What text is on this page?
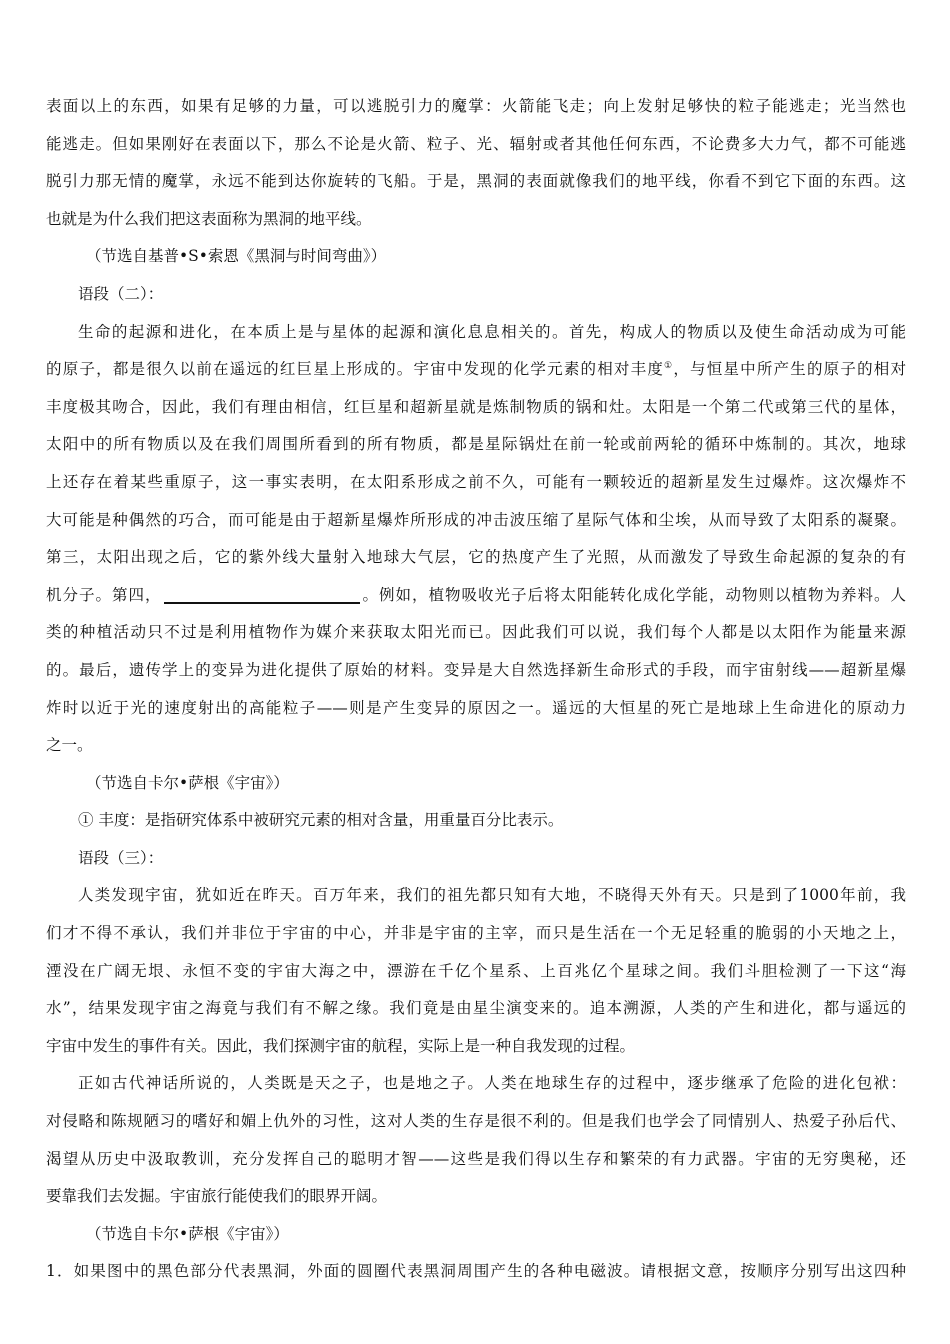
表面以上的东西，如果有足够的力量，可以逃脱引力的魔掌：火箭能飞走；向上发射足够快的粒子能逃走；光当然也
能逃走。但如果刚好在表面以下，那么不论是火箭、粒子、光、辐射或者其他任何东西，不论费多大力气，都不可能逃
脱引力那无情的魔掌，永远不能到达你旋转的飞船。于是，黑洞的表面就像我们的地平线，你看不到它下面的东西。这
也就是为什么我们把这表面称为黑洞的地平线。
（节选自基普•S•索恩《黑洞与时间弯曲》）
语段（二）：
生命的起源和进化，在本质上是与星体的起源和演化息息相关的。首先，构成人的物质以及使生命活动成为可能
的原子，都是很久以前在遥远的红巨星上形成的。宇宙中发现的化学元素的相对丰度①，与恒星中所产生的原子的相对
丰度极其吻合，因此，我们有理由相信，红巨星和超新星就是炼制物质的锅和灶。太阳是一个第二代或第三代的星体，
太阳中的所有物质以及在我们周围所看到的所有物质，都是星际锅灶在前一轮或前两轮的循环中炼制的。其次，地球
上还存在着某些重原子，这一事实表明，在太阳系形成之前不久，可能有一颗较近的超新星发生过爆炸。这次爆炸不
大可能是种偶然的巧合，而可能是由于超新星爆炸所形成的冲击波压缩了星际气体和尘埃，从而导致了太阳系的凝聚。
第三，太阳出现之后，它的紫外线大量射入地球大气层，它的热度产生了光照，从而激发了导致生命起源的复杂的有
机分子。第四，	。例如，植物吸收光子后将太阳能转化成化学能，动物则以植物为养料。人
类的种植活动只不过是利用植物作为媒介来获取太阳光而已。因此我们可以说，我们每个人都是以太阳作为能量来源
的。最后，遗传学上的变异为进化提供了原始的材料。变异是大自然选择新生命形式的手段，而宇宙射线——超新星爆
炸时以近于光的速度射出的高能粒子——则是产生变异的原因之一。遥远的大恒星的死亡是地球上生命进化的原动力
之一。
（节选自卡尔•萨根《宇宙》）
① 丰度：是指研究体系中被研究元素的相对含量，用重量百分比表示。
语段（三）：
人类发现宇宙，犹如近在昨天。百万年来，我们的祖先都只知有大地，不晓得天外有天。只是到了1000年前，我
们才不得不承认，我们并非位于宇宙的中心，并非是宇宙的主宰，而只是生活在一个无足轻重的脆弱的小天地之上，
湮没在广阔无垠、永恒不变的宇宙大海之中，漂游在千亿个星系、上百兆亿个星球之间。我们斗胆检测了一下这“海
水”，结果发现宇宙之海竟与我们有不解之缘。我们竟是由星尘演变来的。追本溯源，人类的产生和进化，都与遥远的
宇宙中发生的事件有关。因此，我们探测宇宙的航程，实际上是一种自我发现的过程。
正如古代神话所说的，人类既是天之子，也是地之子。人类在地球生存的过程中，逐步继承了危险的进化包袱：
对侵略和陈规陋习的嗜好和媚上仇外的习性，这对人类的生存是很不利的。但是我们也学会了同情别人、热爱子孙后代、
渴望从历史中汲取教训，充分发挥自己的聪明才智——这些是我们得以生存和繁荣的有力武器。宇宙的无穷奥秘，还
要靠我们去发掘。宇宙旅行能使我们的眼界开阔。
（节选自卡尔•萨根《宇宙》）
1．如果图中的黑色部分代表黑洞，外面的圆圈代表黑洞周围产生的各种电磁波。请根据文意，按顺序分别写出这四种
